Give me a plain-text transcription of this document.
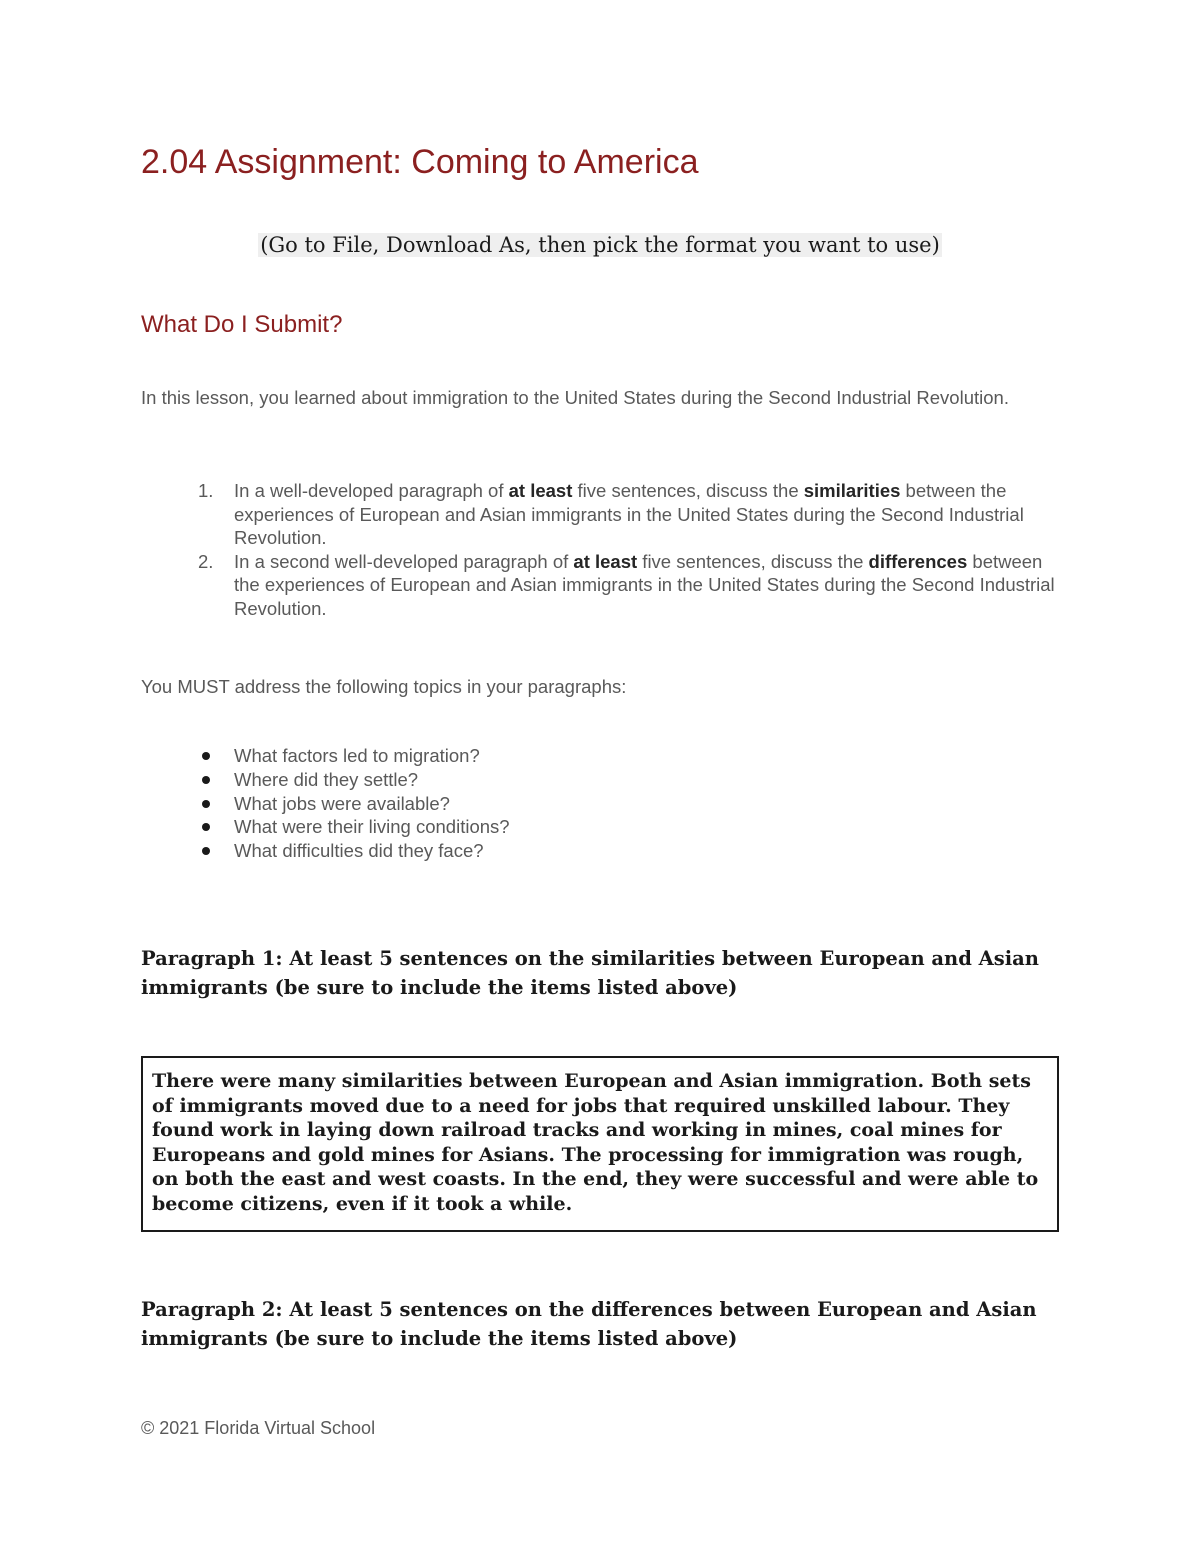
2.04 Assignment: Coming to America
(Go to File, Download As, then pick the format you want to use)
What Do I Submit?

In this lesson, you learned about immigration to the United States during the Second Industrial Revolution.

1. In a well-developed paragraph of at least five sentences, discuss the similarities between the experiences of European and Asian immigrants in the United States during the Second Industrial Revolution.
2. In a second well-developed paragraph of at least five sentences, discuss the differences between the experiences of European and Asian immigrants in the United States during the Second Industrial Revolution.

You MUST address the following topics in your paragraphs:

What factors led to migration?
Where did they settle?
What jobs were available?
What were their living conditions?
What difficulties did they face?

Paragraph 1: At least 5 sentences on the similarities between European and Asian immigrants (be sure to include the items listed above)

There were many similarities between European and Asian immigration. Both sets of immigrants moved due to a need for jobs that required unskilled labour. They found work in laying down railroad tracks and working in mines, coal mines for Europeans and gold mines for Asians. The processing for immigration was rough, on both the east and west coasts. In the end, they were successful and were able to become citizens, even if it took a while.

Paragraph 2: At least 5 sentences on the differences between European and Asian immigrants (be sure to include the items listed above)

© 2021 Florida Virtual School
